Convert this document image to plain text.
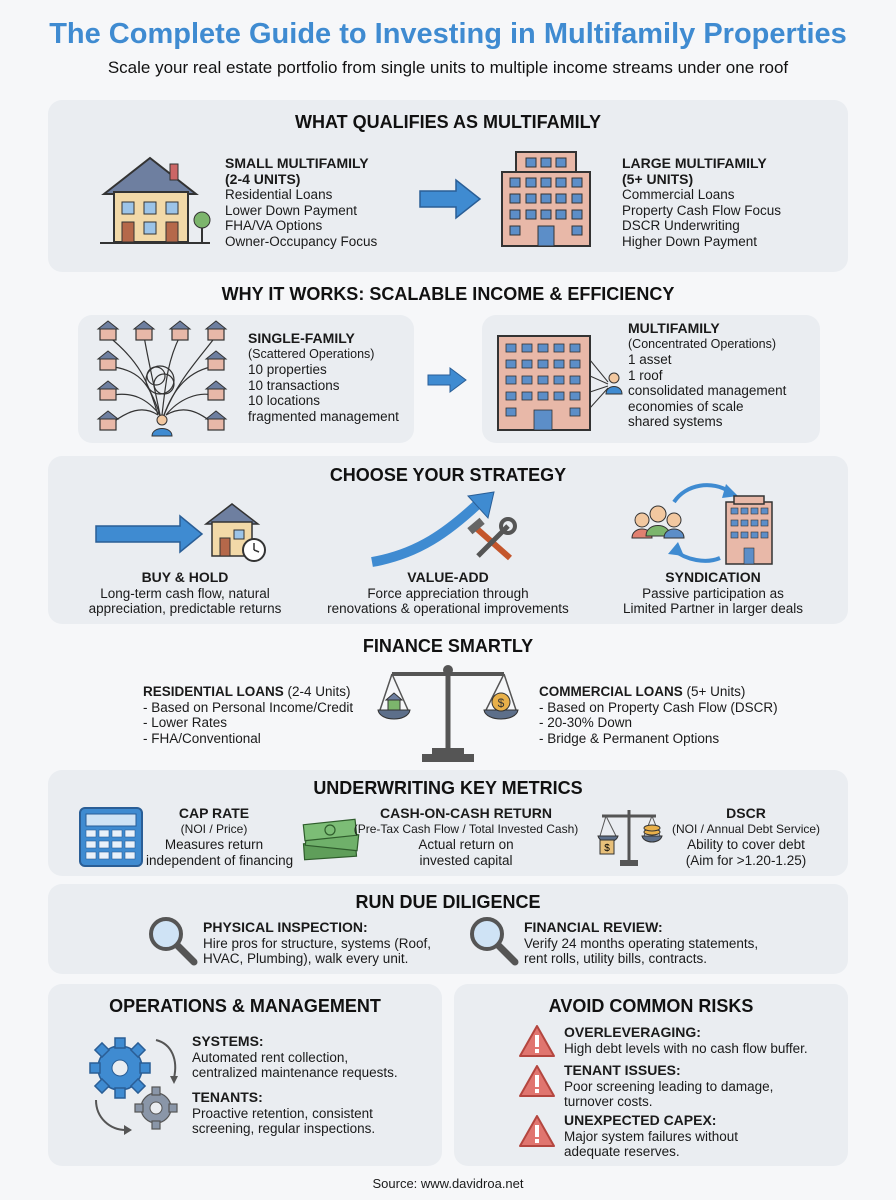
The Complete Guide to Investing in Multifamily Properties
Scale your real estate portfolio from single units to multiple income streams under one roof
WHAT QUALIFIES AS MULTIFAMILY
SMALL MULTIFAMILY
(2-4 UNITS)
Residential Loans
Lower Down Payment
FHA/VA Options
Owner-Occupancy Focus
LARGE MULTIFAMILY
(5+ UNITS)
Commercial Loans
Property Cash Flow Focus
DSCR Underwriting
Higher Down Payment
WHY IT WORKS: SCALABLE INCOME & EFFICIENCY
SINGLE-FAMILY
(Scattered Operations)
10 properties
10 transactions
10 locations
fragmented management
MULTIFAMILY
(Concentrated Operations)
1 asset
1 roof
consolidated management
economies of scale
shared systems
CHOOSE YOUR STRATEGY
BUY & HOLD
Long-term cash flow, natural
appreciation, predictable returns
VALUE-ADD
Force appreciation through
renovations & operational improvements
SYNDICATION
Passive participation as
Limited Partner in larger deals
FINANCE SMARTLY
$
RESIDENTIAL LOANS (2-4 Units)
- Based on Personal Income/Credit
- Lower Rates
- FHA/Conventional
COMMERCIAL LOANS (5+ Units)
- Based on Property Cash Flow (DSCR)
- 20-30% Down
- Bridge & Permanent Options
UNDERWRITING KEY METRICS
CAP RATE
(NOI / Price)
Measures return
independent of financing
CASH-ON-CASH RETURN
(Pre-Tax Cash Flow / Total Invested Cash)
Actual return on
invested capital
$
DSCR
(NOI / Annual Debt Service)
Ability to cover debt
(Aim for >1.20-1.25)
RUN DUE DILIGENCE
PHYSICAL INSPECTION:
Hire pros for structure, systems (Roof,
HVAC, Plumbing), walk every unit.
FINANCIAL REVIEW:
Verify 24 months operating statements,
rent rolls, utility bills, contracts.
OPERATIONS & MANAGEMENT
SYSTEMS:
Automated rent collection,
centralized maintenance requests.
TENANTS:
Proactive retention, consistent
screening, regular inspections.
AVOID COMMON RISKS
OVERLEVERAGING:
High debt levels with no cash flow buffer.
TENANT ISSUES:
Poor screening leading to damage,
turnover costs.
UNEXPECTED CAPEX:
Major system failures without
adequate reserves.
Source: www.davidroa.net
